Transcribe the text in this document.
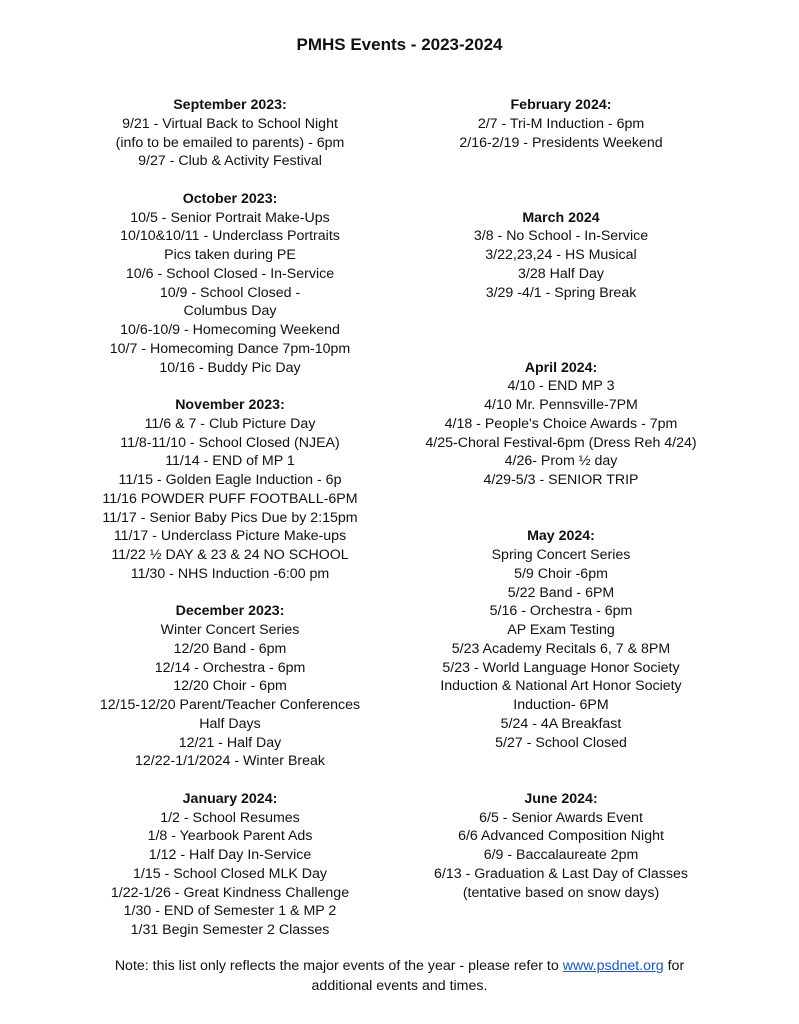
PMHS Events - 2023-2024
September 2023:
9/21 - Virtual Back to School Night
(info to be emailed to parents) - 6pm
9/27 - Club & Activity Festival
October 2023:
10/5 - Senior Portrait Make-Ups
10/10&10/11 - Underclass Portraits
Pics taken during PE
10/6 - School Closed - In-Service
10/9 - School Closed -
Columbus Day
10/6-10/9 - Homecoming Weekend
10/7 - Homecoming Dance 7pm-10pm
10/16 - Buddy Pic Day
November 2023:
11/6 & 7 - Club Picture Day
11/8-11/10 - School Closed (NJEA)
11/14 - END of MP 1
11/15 - Golden Eagle Induction - 6p
11/16 POWDER PUFF FOOTBALL-6PM
11/17 - Senior Baby Pics Due by 2:15pm
11/17 - Underclass Picture Make-ups
11/22 ½ DAY & 23 & 24 NO SCHOOL
11/30 - NHS Induction -6:00 pm
December 2023:
Winter Concert Series
12/20 Band - 6pm
12/14 - Orchestra - 6pm
12/20 Choir - 6pm
12/15-12/20 Parent/Teacher Conferences
Half Days
12/21 - Half Day
12/22-1/1/2024 - Winter Break
January 2024:
1/2 - School Resumes
1/8 - Yearbook Parent Ads
1/12 - Half Day In-Service
1/15 - School Closed MLK Day
1/22-1/26 - Great Kindness Challenge
1/30 - END of Semester 1 & MP 2
1/31 Begin Semester 2 Classes
February 2024:
2/7 - Tri-M Induction - 6pm
2/16-2/19 - Presidents Weekend
March 2024
3/8 - No School - In-Service
3/22,23,24 - HS Musical
3/28 Half Day
3/29 -4/1 - Spring Break
April 2024:
4/10 - END MP 3
4/10 Mr. Pennsville-7PM
4/18 - People's Choice Awards - 7pm
4/25-Choral Festival-6pm (Dress Reh 4/24)
4/26- Prom ½ day
4/29-5/3 - SENIOR TRIP
May 2024:
Spring Concert Series
5/9 Choir -6pm
5/22 Band - 6PM
5/16 - Orchestra - 6pm
AP Exam Testing
5/23 Academy Recitals 6, 7 & 8PM
5/23 - World Language Honor Society
Induction & National Art Honor Society
Induction- 6PM
5/24 - 4A Breakfast
5/27 - School Closed
June 2024:
6/5 - Senior Awards Event
6/6 Advanced Composition Night
6/9 - Baccalaureate 2pm
6/13 - Graduation & Last Day of Classes
(tentative based on snow days)
Note: this list only reflects the major events of the year - please refer to www.psdnet.org for
additional events and times.
